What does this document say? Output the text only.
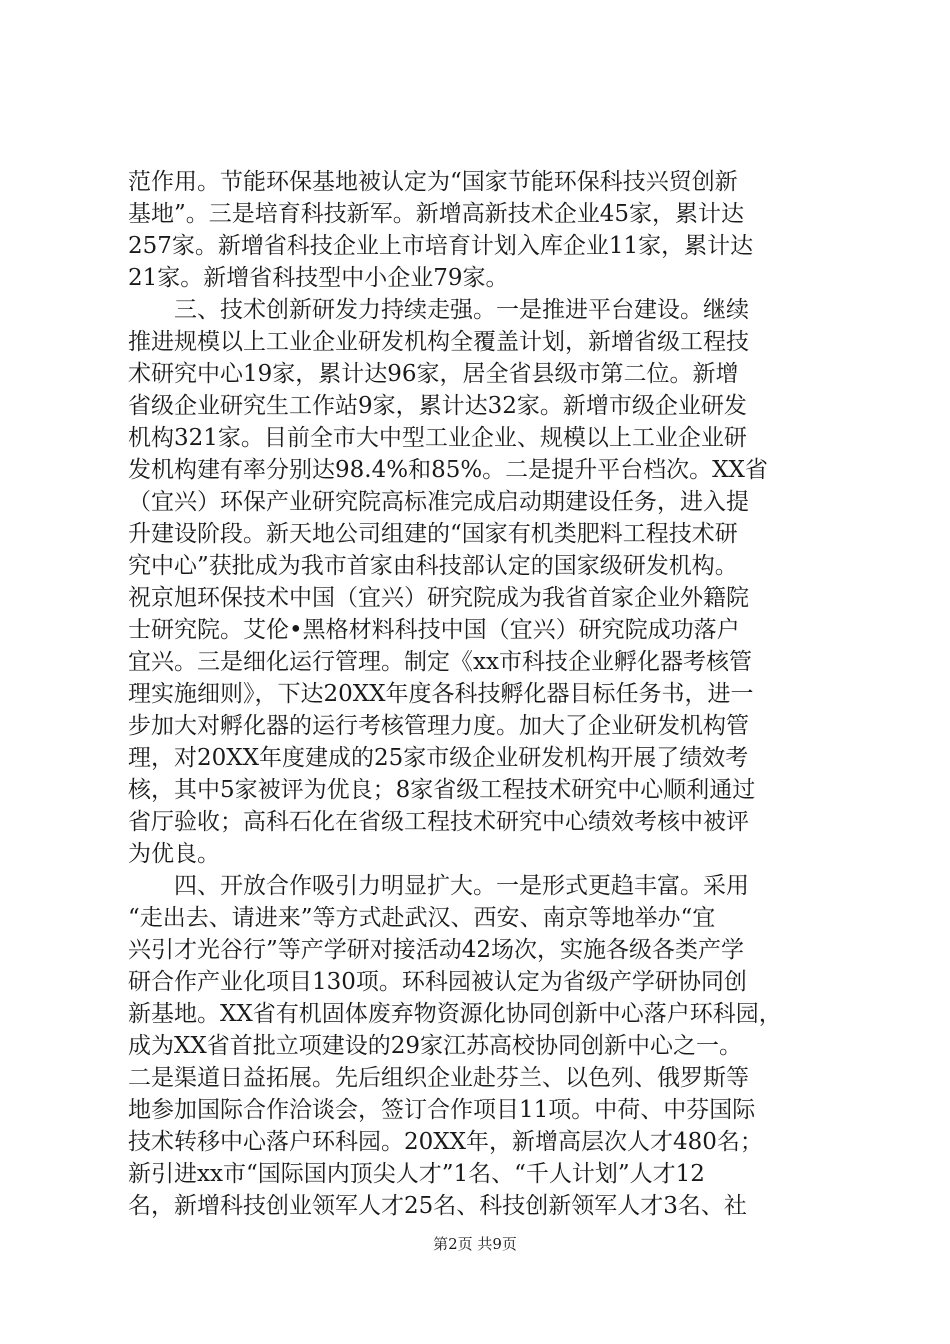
范作用。节能环保基地被认定为“国家节能环保科技兴贸创新
基地”。三是培育科技新军。新增高新技术企业45家，累计达
257家。新增省科技企业上市培育计划入库企业11家，累计达
21家。新增省科技型中小企业79家。
　　三、技术创新研发力持续走强。一是推进平台建设。继续
推进规模以上工业企业研发机构全覆盖计划，新增省级工程技
术研究中心19家，累计达96家，居全省县级市第二位。新增
省级企业研究生工作站9家，累计达32家。新增市级企业研发
机构321家。目前全市大中型工业企业、规模以上工业企业研
发机构建有率分别达98.4%和85%。二是提升平台档次。XX省
（宜兴）环保产业研究院高标准完成启动期建设任务，进入提
升建设阶段。新天地公司组建的“国家有机类肥料工程技术研
究中心”获批成为我市首家由科技部认定的国家级研发机构。
祝京旭环保技术中国（宜兴）研究院成为我省首家企业外籍院
士研究院。艾伦•黑格材料科技中国（宜兴）研究院成功落户
宜兴。三是细化运行管理。制定《xx市科技企业孵化器考核管
理实施细则》，下达20XX年度各科技孵化器目标任务书，进一
步加大对孵化器的运行考核管理力度。加大了企业研发机构管
理，对20XX年度建成的25家市级企业研发机构开展了绩效考
核，其中5家被评为优良；8家省级工程技术研究中心顺利通过
省厅验收；高科石化在省级工程技术研究中心绩效考核中被评
为优良。
　　四、开放合作吸引力明显扩大。一是形式更趋丰富。采用
“走出去、请进来”等方式赴武汉、西安、南京等地举办“宜
兴引才光谷行”等产学研对接活动42场次，实施各级各类产学
研合作产业化项目130项。环科园被认定为省级产学研协同创
新基地。XX省有机固体废弃物资源化协同创新中心落户环科园，
成为XX省首批立项建设的29家江苏高校协同创新中心之一。
二是渠道日益拓展。先后组织企业赴芬兰、以色列、俄罗斯等
地参加国际合作洽谈会，签订合作项目11项。中荷、中芬国际
技术转移中心落户环科园。20XX年，新增高层次人才480名；
新引进xx市“国际国内顶尖人才”1名、“千人计划”人才12
名，新增科技创业领军人才25名、科技创新领军人才3名、社
第2页 共9页
